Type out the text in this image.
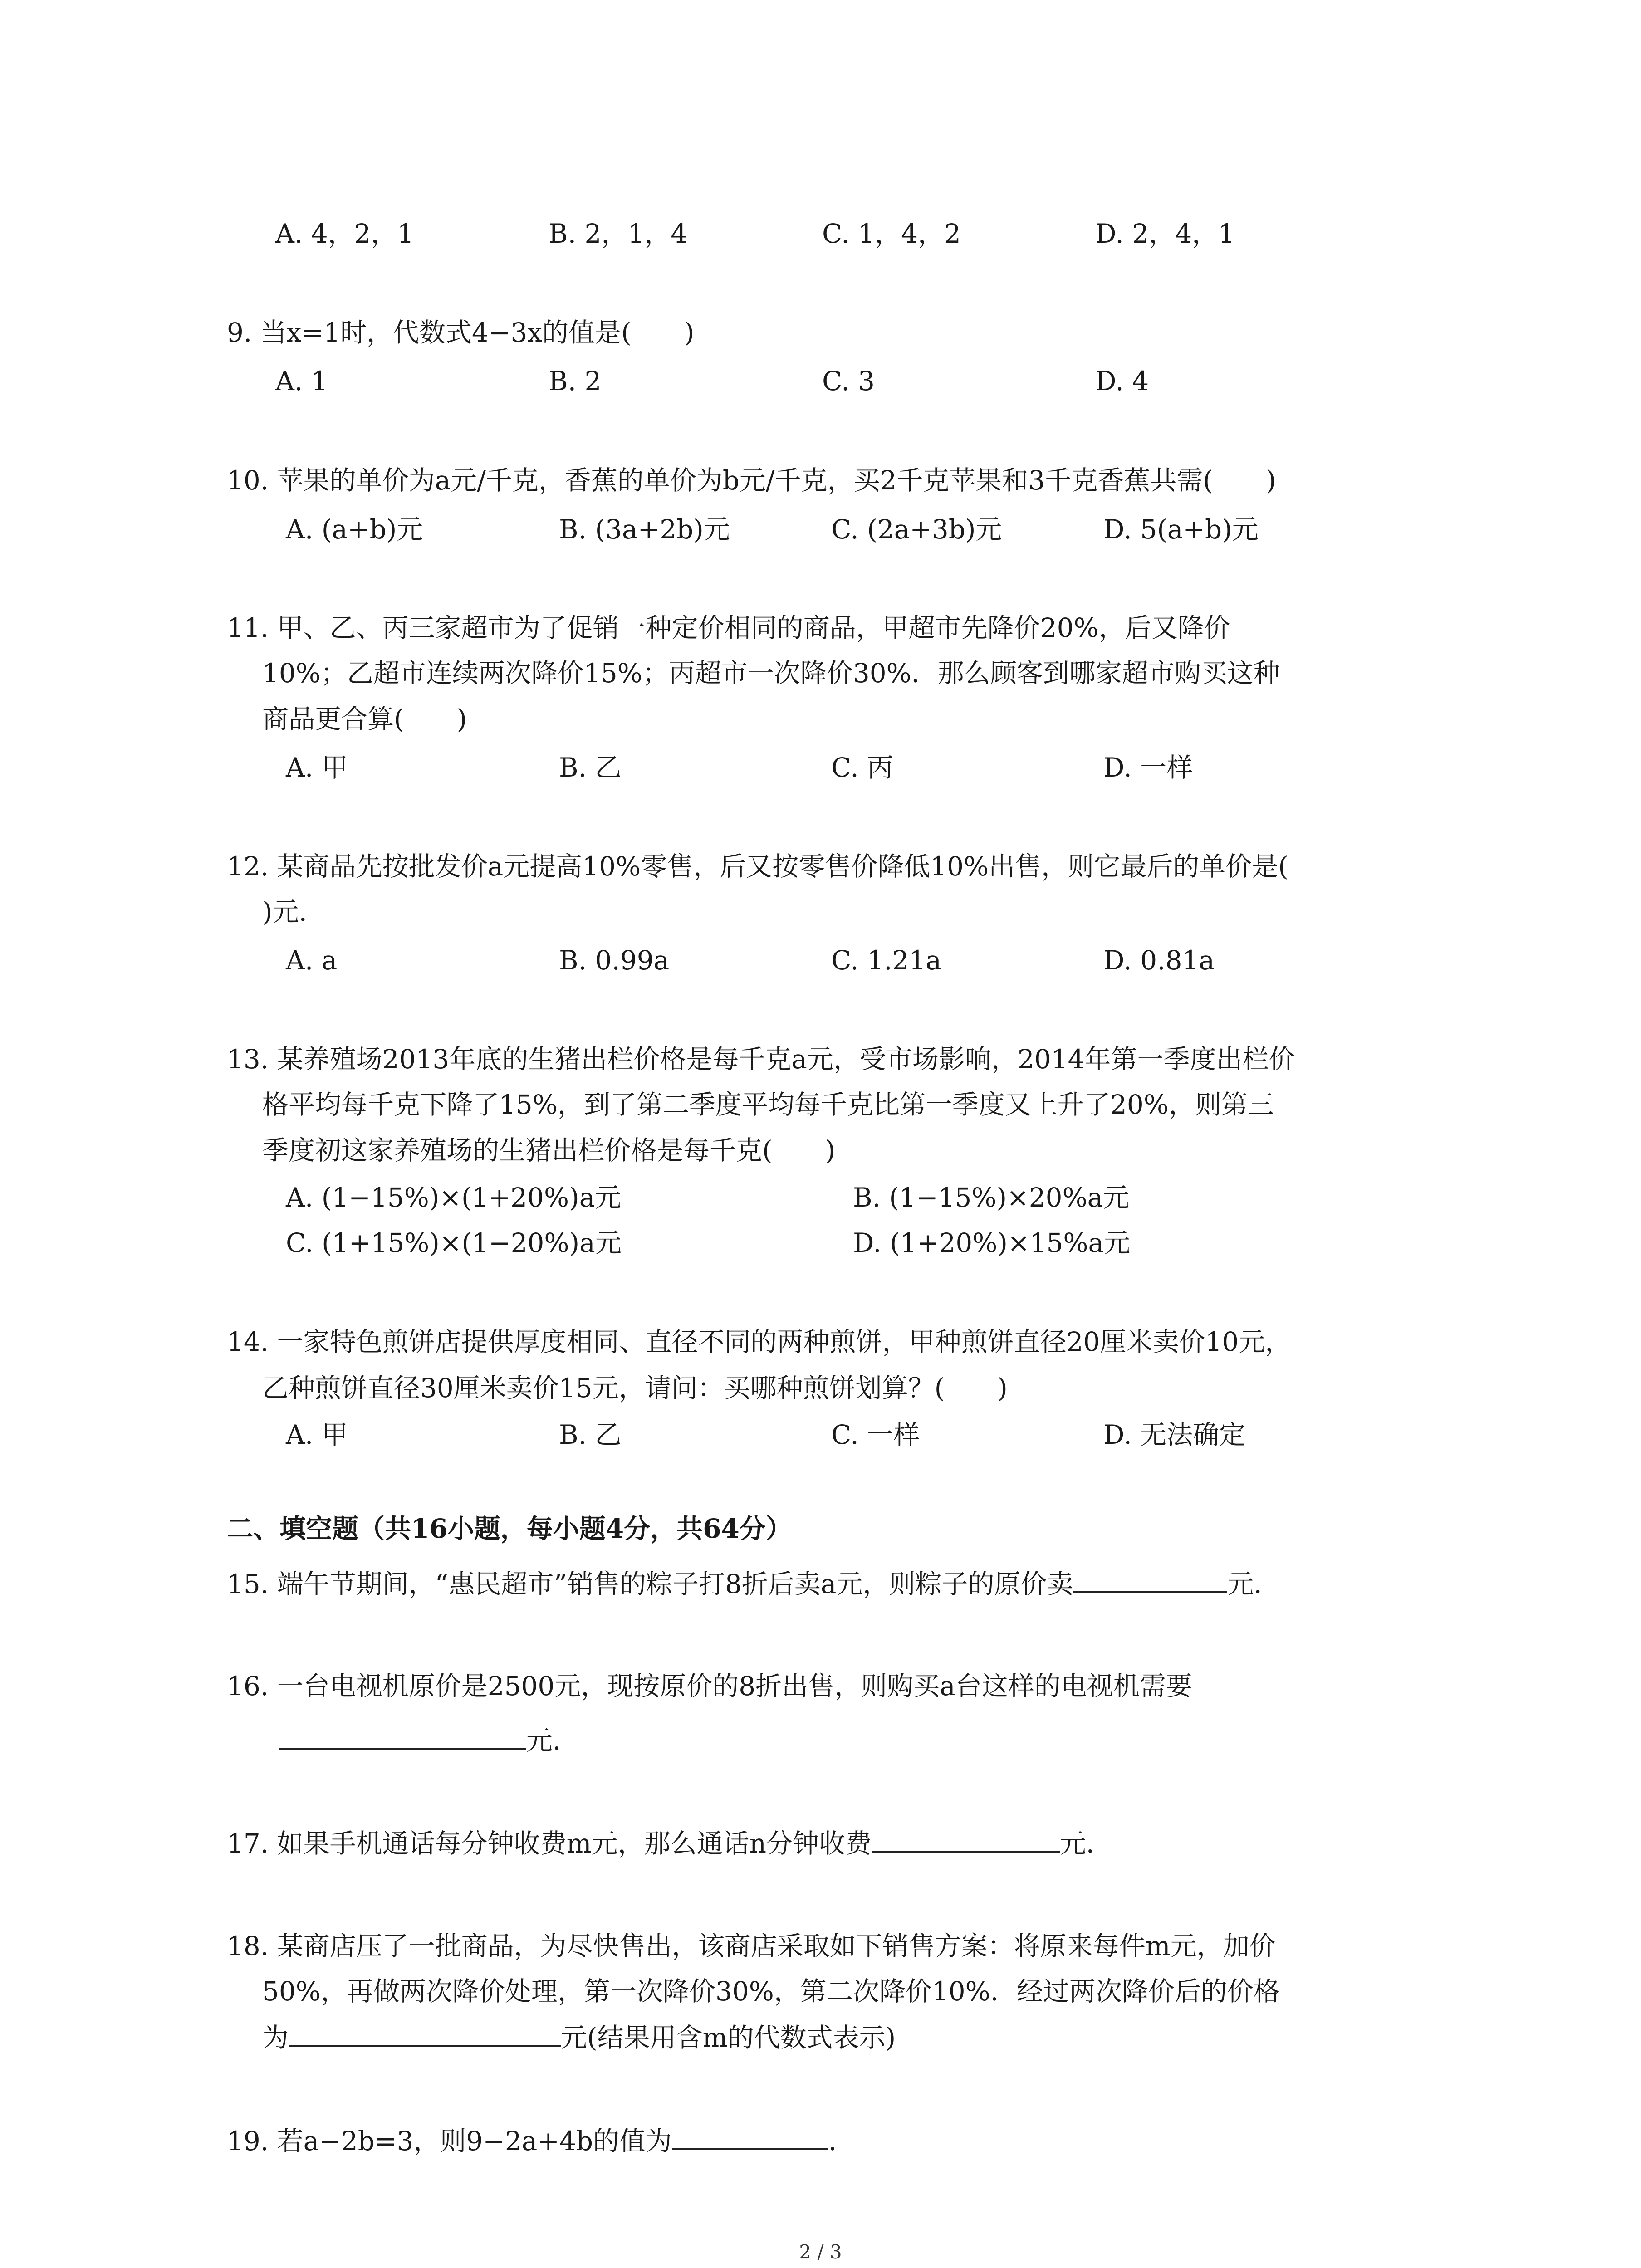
A. 4，2，1	B. 2，1，4	C. 1，4，2	D. 2，4，1
9. 当x=1时，代数式4−3x的值是(　　)
A. 1	B. 2	C. 3	D. 4
10. 苹果的单价为a元/千克，香蕉的单价为b元/千克，买2千克苹果和3千克香蕉共需(　　)
A. (a+b)元	B. (3a+2b)元	C. (2a+3b)元	D. 5(a+b)元
11. 甲、乙、丙三家超市为了促销一种定价相同的商品，甲超市先降价20%，后又降价
10%；乙超市连续两次降价15%；丙超市一次降价30%．那么顾客到哪家超市购买这种
商品更合算(　　)
A. 甲	B. 乙	C. 丙	D. 一样
12. 某商品先按批发价a元提高10%零售，后又按零售价降低10%出售，则它最后的单价是(
)元．
A. a	B. 0.99a	C. 1.21a	D. 0.81a
13. 某养殖场2013年底的生猪出栏价格是每千克a元，受市场影响，2014年第一季度出栏价
格平均每千克下降了15%，到了第二季度平均每千克比第一季度又上升了20%，则第三
季度初这家养殖场的生猪出栏价格是每千克(　　)
A. (1−15%)×(1+20%)a元	B. (1−15%)×20%a元
C. (1+15%)×(1−20%)a元	D. (1+20%)×15%a元
14. 一家特色煎饼店提供厚度相同、直径不同的两种煎饼，甲种煎饼直径20厘米卖价10元，
乙种煎饼直径30厘米卖价15元，请问：买哪种煎饼划算？(　　)
A. 甲	B. 乙	C. 一样	D. 无法确定
二、填空题（共16小题，每小题4分，共64分）
15. 端午节期间，“惠民超市”销售的粽子打8折后卖a元，则粽子的原价卖	元．
16. 一台电视机原价是2500元，现按原价的8折出售，则购买a台这样的电视机需要
元．
17. 如果手机通话每分钟收费m元，那么通话n分钟收费	元．
18. 某商店压了一批商品，为尽快售出，该商店采取如下销售方案：将原来每件m元，加价
50%，再做两次降价处理，第一次降价30%，第二次降价10%．经过两次降价后的价格
为	元(结果用含m的代数式表示)
19. 若a−2b=3，则9−2a+4b的值为	．
2 / 3
